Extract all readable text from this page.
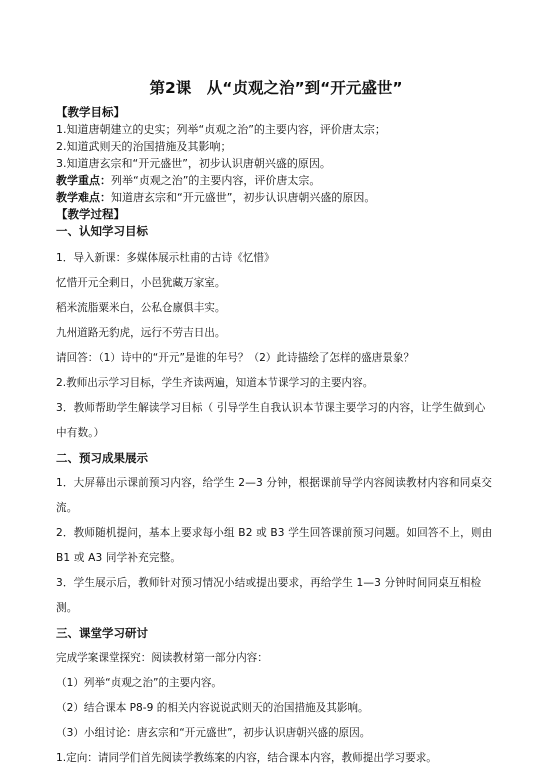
第2课　从“贞观之治”到“开元盛世”
【教学目标】
1.知道唐朝建立的史实；列举“贞观之治”的主要内容，评价唐太宗；
2.知道武则天的治国措施及其影响；
3.知道唐玄宗和“开元盛世”，初步认识唐朝兴盛的原因。
教学重点：列举“贞观之治”的主要内容，评价唐太宗。
教学难点：知道唐玄宗和“开元盛世”，初步认识唐朝兴盛的原因。
【教学过程】
一、认知学习目标
1．导入新课：多媒体展示杜甫的古诗《忆惜》
忆惜开元全剩日，小邑犹藏万家室。
稻米流脂粟米白，公私仓廪俱丰实。
九州道路无豹虎，远行不劳吉日出。
请回答：（1）诗中的“开元”是谁的年号？（2）此诗描绘了怎样的盛唐景象？
2.教师出示学习目标，学生齐读两遍，知道本节课学习的主要内容。
3．教师帮助学生解读学习目标（ 引导学生自我认识本节课主要学习的内容，让学生做到心中有数。）
二、预习成果展示
1．大屏幕出示课前预习内容，给学生 2—3 分钟，根据课前导学内容阅读教材内容和同桌交流。
2．教师随机提问，基本上要求每小组 B2 或 B3 学生回答课前预习问题。如回答不上，则由 B1 或 A3 同学补充完整。
3．学生展示后，教师针对预习情况小结或提出要求，再给学生 1—3 分钟时间同桌互相检测。
三、课堂学习研讨
完成学案课堂探究：阅读教材第一部分内容：
（1）列举“贞观之治”的主要内容。
（2）结合课本 P8-9 的相关内容说说武则天的治国措施及其影响。
（3）小组讨论：唐玄宗和“开元盛世”，初步认识唐朝兴盛的原因。
1.定向：请同学们首先阅读学教练案的内容，结合课本内容，教师提出学习要求。
